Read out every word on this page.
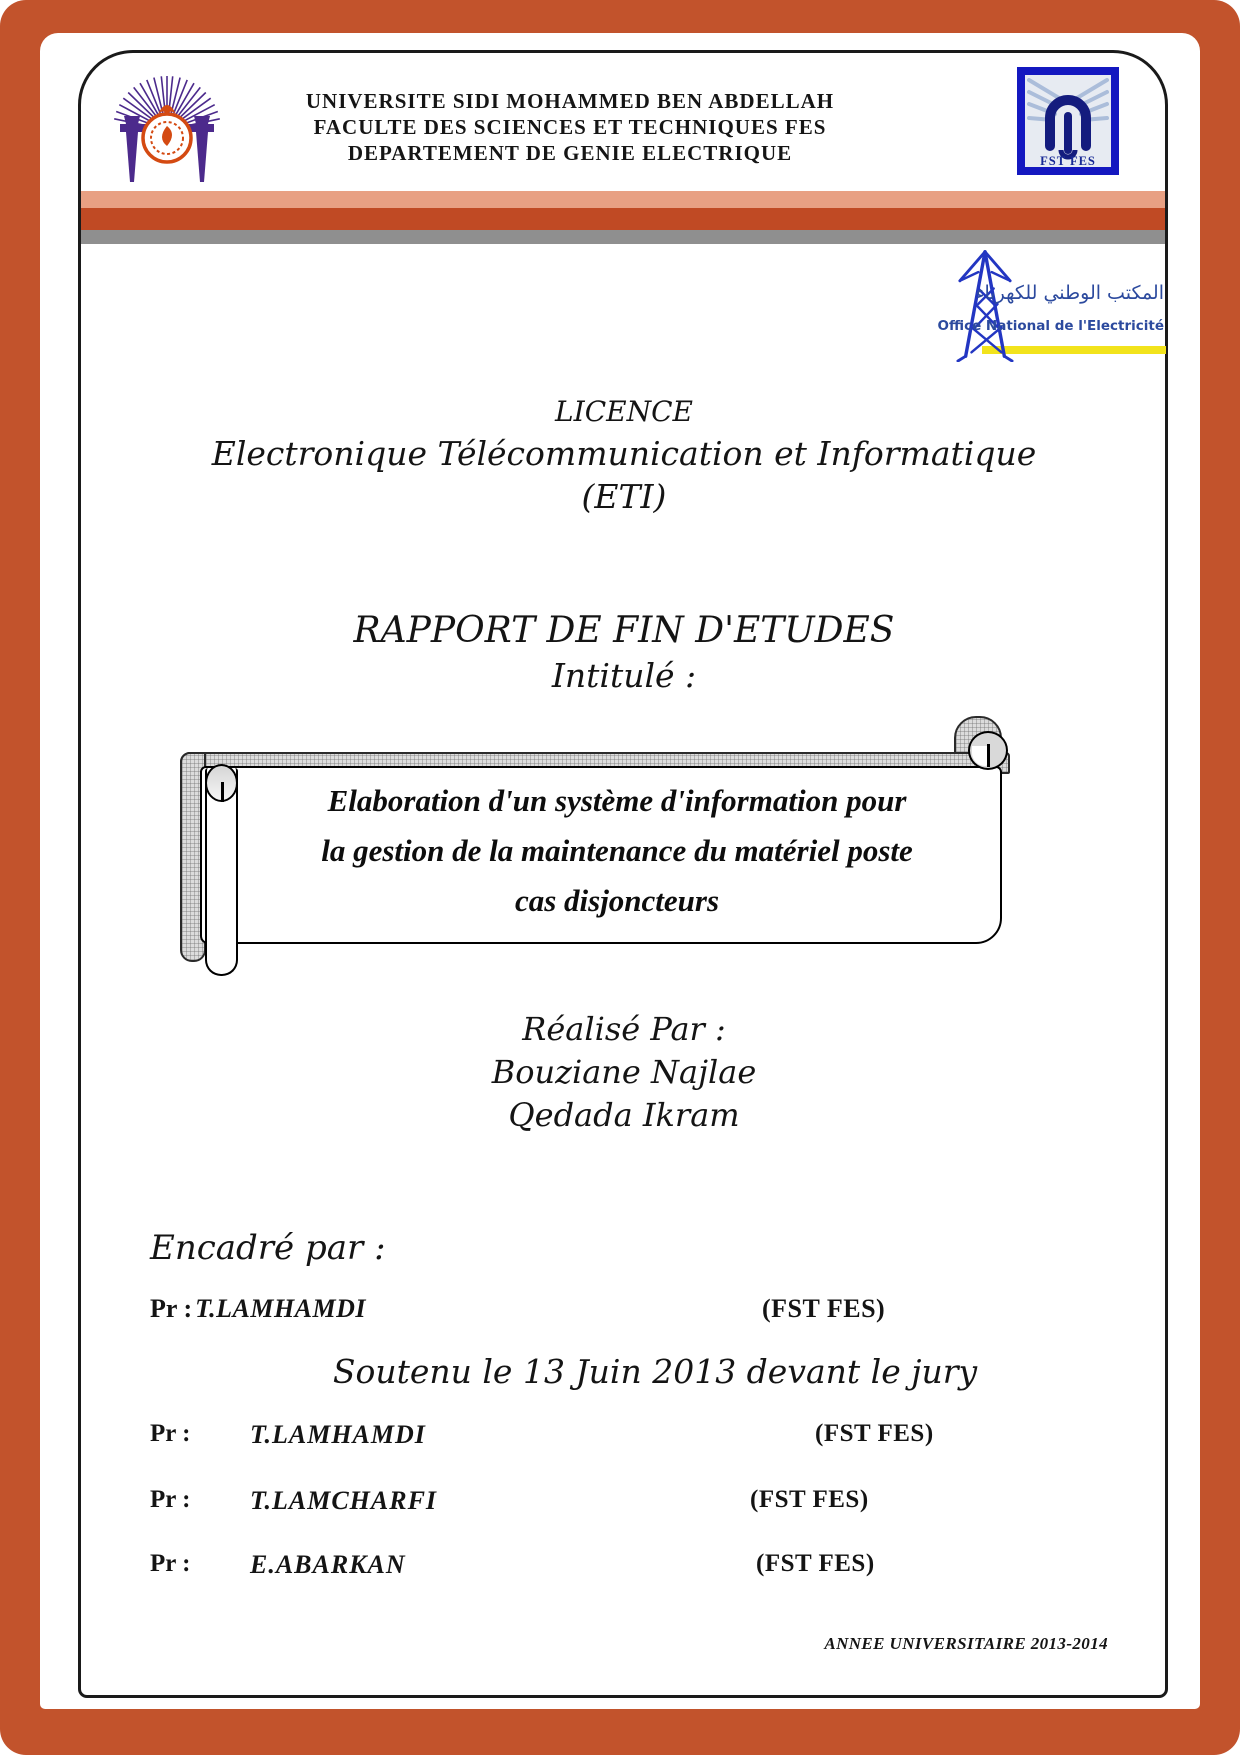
UNIVERSITE SIDI MOHAMMED BEN ABDELLAH
FACULTE DES SCIENCES ET TECHNIQUES FES
DEPARTEMENT DE GENIE ELECTRIQUE	FST FES
المكتب الوطني للكهرباء
Office National de l'Electricité
LICENCE
Electronique Télécommunication et Informatique
(ETI)
RAPPORT DE FIN D'ETUDES
Intitulé :
Elaboration d'un système d'information pour
la gestion de la maintenance du matériel poste
cas disjoncteurs
Réalisé Par :
Bouziane Najlae
Qedada Ikram
Encadré par :
Pr : T.LAMHAMDI	(FST FES)
Soutenu le 13 Juin 2013 devant le jury
Pr : T.LAMHAMDI	(FST FES)
Pr : T.LAMCHARFI	(FST FES)
Pr : E.ABARKAN	(FST FES)
ANNEE UNIVERSITAIRE 2013-2014
